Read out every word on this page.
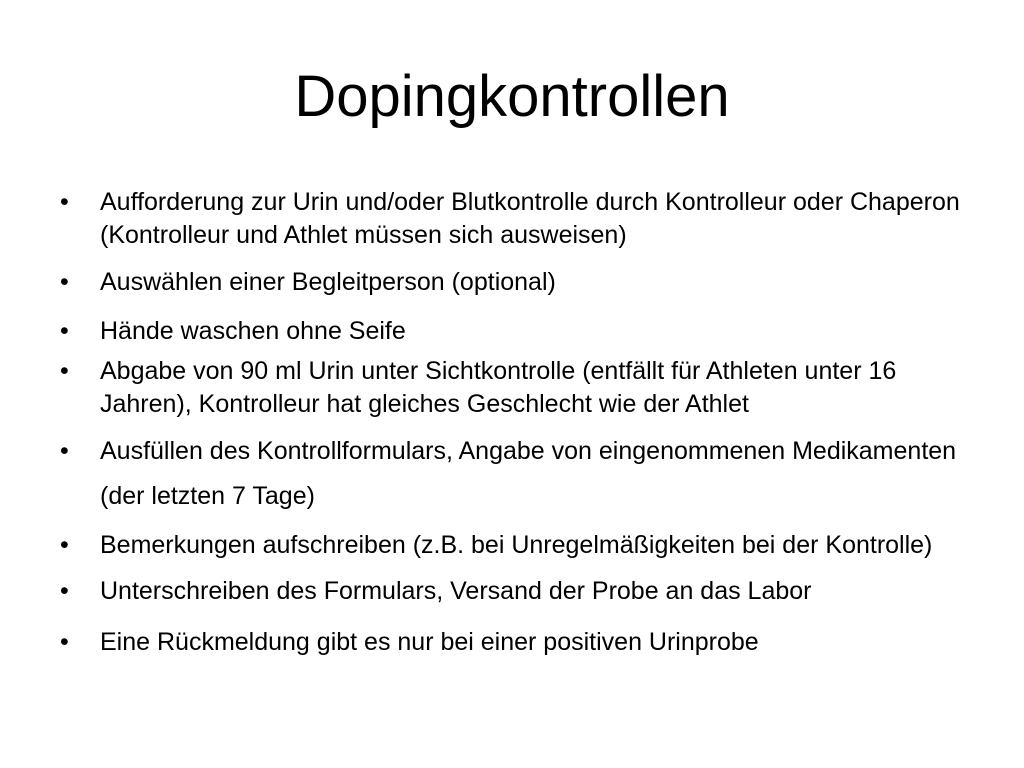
Dopingkontrollen
• Aufforderung zur Urin und/oder Blutkontrolle durch Kontrolleur oder Chaperon (Kontrolleur und Athlet müssen sich ausweisen)
• Auswählen einer Begleitperson (optional)
• Hände waschen ohne Seife
• Abgabe von 90 ml Urin unter Sichtkontrolle (entfällt für Athleten unter 16 Jahren), Kontrolleur hat gleiches Geschlecht wie der Athlet
• Ausfüllen des Kontrollformulars, Angabe von eingenommenen Medikamenten (der letzten 7 Tage)
• Bemerkungen aufschreiben (z.B. bei Unregelmäßigkeiten bei der Kontrolle)
• Unterschreiben des Formulars, Versand der Probe an das Labor
• Eine Rückmeldung gibt es nur bei einer positiven Urinprobe
